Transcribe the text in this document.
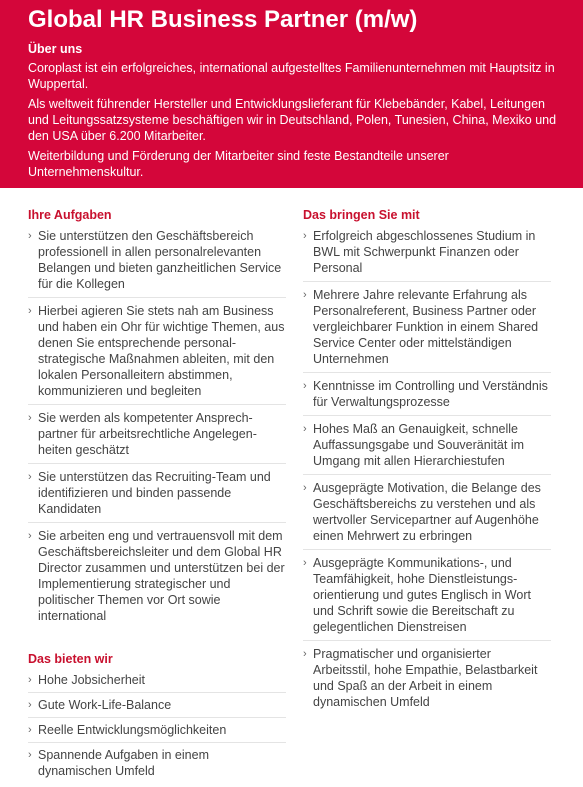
Global HR Business Partner (m/w)
Über uns

Coroplast ist ein erfolgreiches, international aufgestelltes Familienunternehmen mit Hauptsitz in Wuppertal.

Als weltweit führender Hersteller und Entwicklungslieferant für Klebebänder, Kabel, Leitungen und Leitungssatzsysteme beschäftigen wir in Deutschland, Polen, Tunesien, China, Mexiko und den USA über 6.200 Mitarbeiter.

Weiterbildung und Förderung der Mitarbeiter sind feste Bestandteile unserer Unternehmenskultur.

Ihre Aufgaben
› Sie unterstützen den Geschäftsbereich professionell in allen personalrelevanten Belangen und bieten ganzheitlichen Service für die Kollegen
› Hierbei agieren Sie stets nah am Business und haben ein Ohr für wichtige Themen, aus denen Sie entsprechende personal-strategische Maßnahmen ableiten, mit den lokalen Personalleitern abstimmen, kommunizieren und begleiten
› Sie werden als kompetenter Ansprech-partner für arbeitsrechtliche Angelegen-heiten geschätzt
› Sie unterstützen das Recruiting-Team und identifizieren und binden passende Kandidaten
› Sie arbeiten eng und vertrauensvoll mit dem Geschäftsbereichsleiter und dem Global HR Director zusammen und unterstützen bei der Implementierung strategischer und politischer Themen vor Ort sowie international
Das bieten wir
› Hohe Jobsicherheit
› Gute Work-Life-Balance
› Reelle Entwicklungsmöglichkeiten
› Spannende Aufgaben in einem dynamischen Umfeld
Das bringen Sie mit
› Erfolgreich abgeschlossenes Studium in BWL mit Schwerpunkt Finanzen oder Personal
› Mehrere Jahre relevante Erfahrung als Personalreferent, Business Partner oder vergleichbarer Funktion in einem Shared Service Center oder mittelständigen Unternehmen
› Kenntnisse im Controlling und Verständnis für Verwaltungsprozesse
› Hohes Maß an Genauigkeit, schnelle Auffassungsgabe und Souveränität im Umgang mit allen Hierarchiestufen
› Ausgeprägte Motivation, die Belange des Geschäftsbereichs zu verstehen und als wertvoller Servicepartner auf Augenhöhe einen Mehrwert zu erbringen
› Ausgeprägte Kommunikations-, und Teamfähigkeit, hohe Dienstleistungs-orientierung und gutes Englisch in Wort und Schrift sowie die Bereitschaft zu gelegentlichen Dienstreisen
› Pragmatischer und organisierter Arbeitsstil, hohe Empathie, Belastbarkeit und Spaß an der Arbeit in einem dynamischen Umfeld
